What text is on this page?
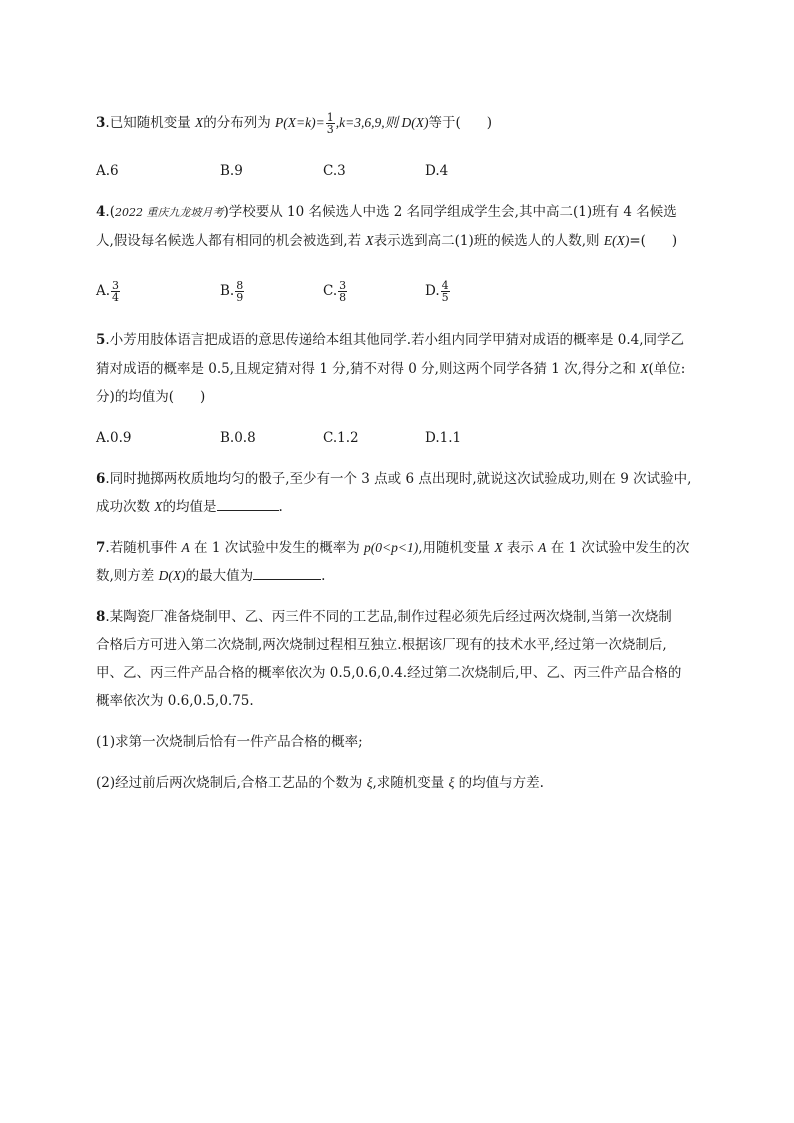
3.已知随机变量 X的分布列为 $P(X=k)= \frac{1}{3} ,k=3,6,9$,则 D(X)等于( )
A.6	B.9	C.3	D.4
4.(2022 重庆九龙坡月考)学校要从 10 名候选人中选 2 名同学组成学生会,其中高二(1)班有 4 名候选
人,假设每名候选人都有相同的机会被选到,若 X表示选到高二(1)班的候选人的人数,则 E(X)=( )
A. $\frac{3}{4}$	B. $\frac{8}{9}$	C. $\frac{3}{8}$	D. $\frac{4}{5}$
5.小芳用肢体语言把成语的意思传递给本组其他同学.若小组内同学甲猜对成语的概率是 0.4,同学乙
猜对成语的概率是 0.5,且规定猜对得 1 分,猜不对得 0 分,则这两个同学各猜 1 次,得分之和 X(单位:
分)的均值为( )
A.0.9	B.0.8	C.1.2	D.1.1
6.同时抛掷两枚质地均匀的骰子,至少有一个 3 点或 6 点出现时,就说这次试验成功,则在 9 次试验中,
成功次数 X的均值是	.
7.若随机事件 A 在 1 次试验中发生的概率为 p(0<p<1),用随机变量 X 表示 A 在 1 次试验中发生的次
数,则方差 D(X)的最大值为	.
8.某陶瓷厂准备烧制甲、乙、丙三件不同的工艺品,制作过程必须先后经过两次烧制,当第一次烧制
合格后方可进入第二次烧制,两次烧制过程相互独立.根据该厂现有的技术水平,经过第一次烧制后,
甲、乙、丙三件产品合格的概率依次为 0.5,0.6,0.4.经过第二次烧制后,甲、乙、丙三件产品合格的
概率依次为 0.6,0.5,0.75.
(1)求第一次烧制后恰有一件产品合格的概率;
(2)经过前后两次烧制后,合格工艺品的个数为 ξ,求随机变量 ξ 的均值与方差.
